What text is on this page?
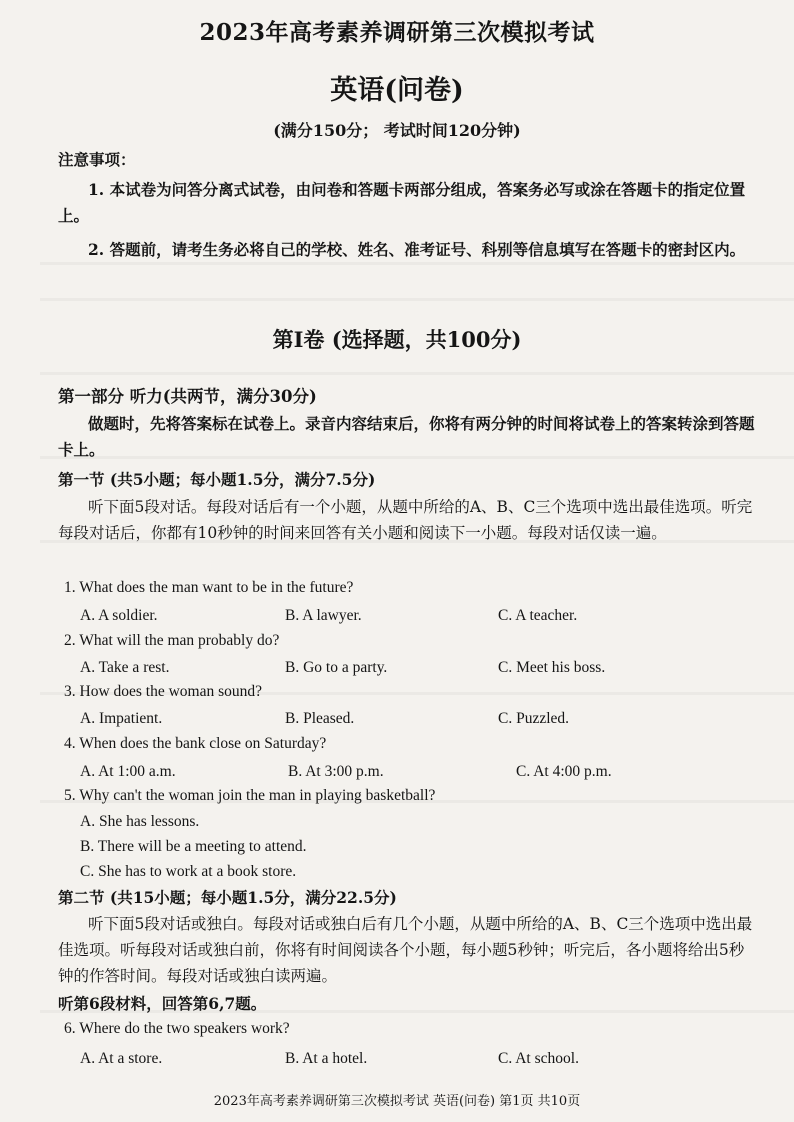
2023年高考素养调研第三次模拟考试
英语(问卷)
(满分150分； 考试时间120分钟)
注意事项：
1. 本试卷为问答分离式试卷，由问卷和答题卡两部分组成，答案务必写或涂在答题卡的指定位置上。
2. 答题前，请考生务必将自己的学校、姓名、准考证号、科别等信息填写在答题卡的密封区内。
第Ⅰ卷 (选择题，共100分)
第一部分 听力(共两节，满分30分)
做题时，先将答案标在试卷上。录音内容结束后，你将有两分钟的时间将试卷上的答案转涂到答题卡上。
第一节 (共5小题；每小题1.5分，满分7.5分)
听下面5段对话。每段对话后有一个小题，从题中所给的A、B、C三个选项中选出最佳选项。听完每段对话后，你都有10秒钟的时间来回答有关小题和阅读下一小题。每段对话仅读一遍。
1. What does the man want to be in the future?
A. A soldier.	B. A lawyer.	C. A teacher.
2. What will the man probably do?
A. Take a rest.	B. Go to a party.	C. Meet his boss.
3. How does the woman sound?
A. Impatient.	B. Pleased.	C. Puzzled.
4. When does the bank close on Saturday?
A. At 1:00 a.m.	B. At 3:00 p.m.	C. At 4:00 p.m.
5. Why can't the woman join the man in playing basketball?
A. She has lessons.
B. There will be a meeting to attend.
C. She has to work at a book store.
第二节 (共15小题；每小题1.5分，满分22.5分)
听下面5段对话或独白。每段对话或独白后有几个小题，从题中所给的A、B、C三个选项中选出最佳选项。听每段对话或独白前，你将有时间阅读各个小题，每小题5秒钟；听完后，各小题将给出5秒钟的作答时间。每段对话或独白读两遍。
听第6段材料，回答第6,7题。
6. Where do the two speakers work?
A. At a store.	B. At a hotel.	C. At school.
2023年高考素养调研第三次模拟考试 英语(问卷) 第1页 共10页
